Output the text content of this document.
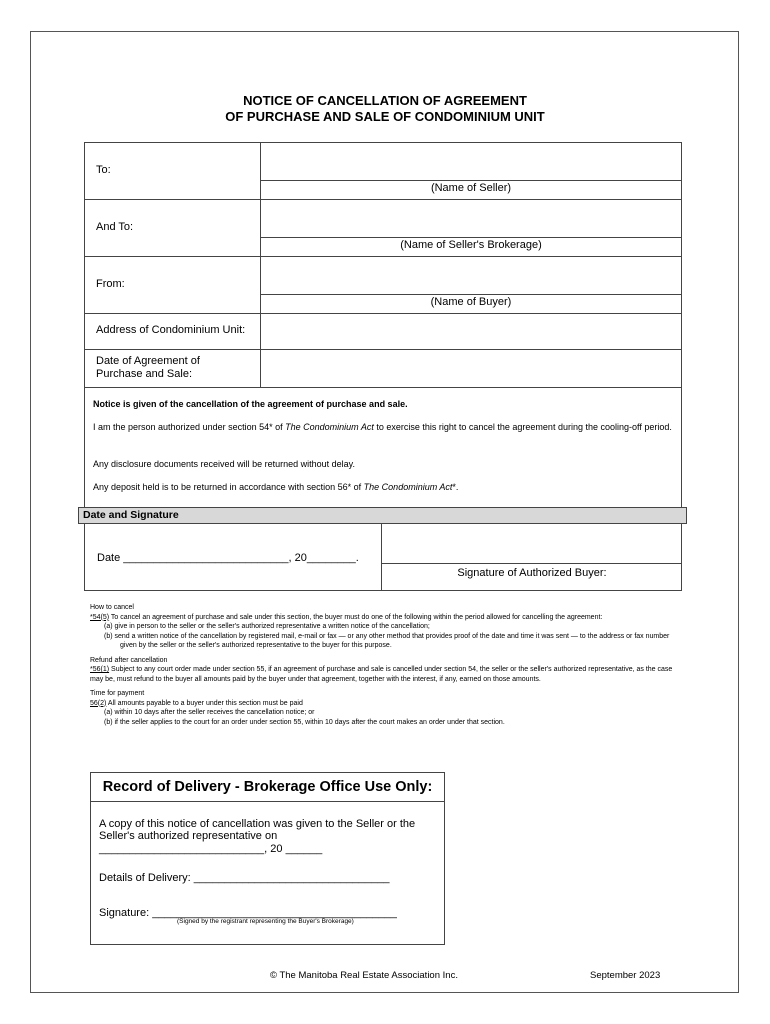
NOTICE OF CANCELLATION OF AGREEMENT
OF PURCHASE AND SALE OF CONDOMINIUM UNIT
To:
(Name of Seller)
And To:
(Name of Seller's Brokerage)
From:
(Name of Buyer)
Address of Condominium Unit:
Date of Agreement of
Purchase and Sale:

Notice is given of the cancellation of the agreement of purchase and sale.

I am the person authorized under section 54* of The Condominium Act to exercise this right to cancel the agreement during the cooling-off period.

Any disclosure documents received will be returned without delay.

Any deposit held is to be returned in accordance with section 56* of The Condominium Act*.

Date and Signature
Date ___________________________, 20________.
Signature of Authorized Buyer:

How to cancel

*54(5) To cancel an agreement of purchase and sale under this section, the buyer must do one of the following within the period allowed for cancelling the agreement:

(a) give in person to the seller or the seller's authorized representative a written notice of the cancellation;

(b) send a written notice of the cancellation by registered mail, e-mail or fax — or any other method that provides proof of the date and time it was sent — to the address or fax number given by the seller or the seller's authorized representative to the buyer for this purpose.

Refund after cancellation

*56(1) Subject to any court order made under section 55, if an agreement of purchase and sale is cancelled under section 54, the seller or the seller's authorized representative, as the case may be, must refund to the buyer all amounts paid by the buyer under that agreement, together with the interest, if any, earned on those amounts.

Time for payment

56(2) All amounts payable to a buyer under this section must be paid

(a) within 10 days after the seller receives the cancellation notice; or

(b) if the seller applies to the court for an order under section 55, within 10 days after the court makes an order under that section.

Record of Delivery - Brokerage Office Use Only:
A copy of this notice of cancellation was given to the Seller or the
Seller's authorized representative on
___________________________, 20 ______
Details of Delivery: ________________________________
Signature: ________________________________________
(Signed by the registrant representing the Buyer's Brokerage)
© The Manitoba Real Estate Association Inc.	September 2023
